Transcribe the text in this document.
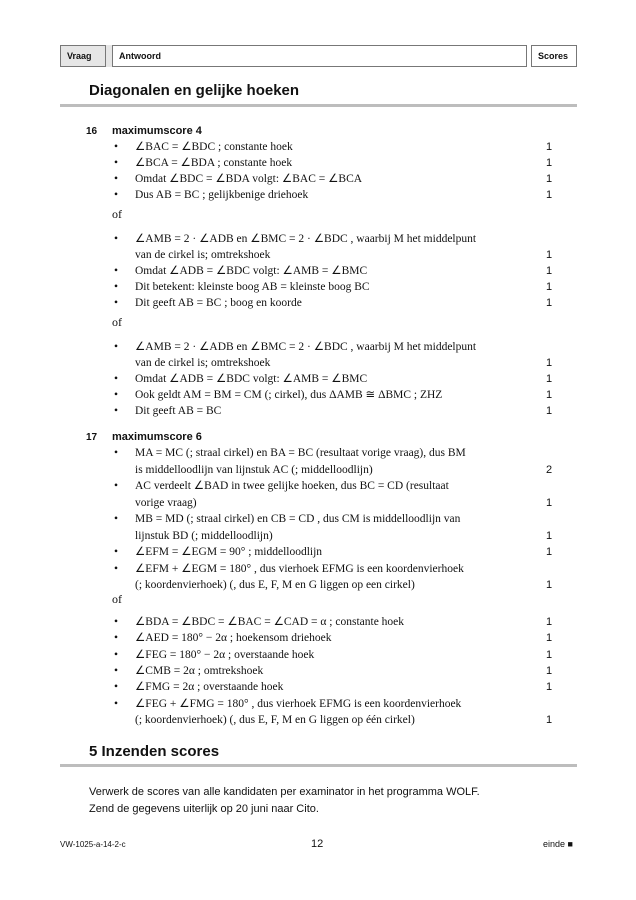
Vraag	Antwoord	Scores
Diagonalen en gelijke hoeken
16 maximumscore 4
• ∠BAC = ∠BDC ; constante hoek	1
• ∠BCA = ∠BDA ; constante hoek	1
• Omdat ∠BDC = ∠BDA volgt: ∠BAC = ∠BCA	1
• Dus AB = BC ; gelijkbenige driehoek	1
of
• ∠AMB = 2 · ∠ADB en ∠BMC = 2 · ∠BDC , waarbij M het middelpunt
van de cirkel is; omtrekshoek	1
• Omdat ∠ADB = ∠BDC volgt: ∠AMB = ∠BMC	1
• Dit betekent: kleinste boog AB = kleinste boog BC	1
• Dit geeft AB = BC ; boog en koorde	1
of
• ∠AMB = 2 · ∠ADB en ∠BMC = 2 · ∠BDC , waarbij M het middelpunt
van de cirkel is; omtrekshoek	1
• Omdat ∠ADB = ∠BDC volgt: ∠AMB = ∠BMC	1
• Ook geldt AM = BM = CM (; cirkel), dus ΔAMB ≅ ΔBMC ; ZHZ	1
• Dit geeft AB = BC	1
17 maximumscore 6
• MA = MC (; straal cirkel) en BA = BC (resultaat vorige vraag), dus BM
is middelloodlijn van lijnstuk AC (; middelloodlijn)	2
• AC verdeelt ∠BAD in twee gelijke hoeken, dus BC = CD (resultaat
vorige vraag)	1
• MB = MD (; straal cirkel) en CB = CD , dus CM is middelloodlijn van
lijnstuk BD (; middelloodlijn)	1
• ∠EFM = ∠EGM = 90° ; middelloodlijn	1
• ∠EFM + ∠EGM = 180° , dus vierhoek EFMG is een koordenvierhoek
(; koordenvierhoek) (, dus E, F, M en G liggen op een cirkel)	1
of
• ∠BDA = ∠BDC = ∠BAC = ∠CAD = α ; constante hoek	1
• ∠AED = 180° − 2α ; hoekensom driehoek	1
• ∠FEG = 180° − 2α ; overstaande hoek	1
• ∠CMB = 2α ; omtrekshoek	1
• ∠FMG = 2α ; overstaande hoek	1
• ∠FEG + ∠FMG = 180° , dus vierhoek EFMG is een koordenvierhoek
(; koordenvierhoek) (, dus E, F, M en G liggen op één cirkel)	1
5 Inzenden scores
Verwerk de scores van alle kandidaten per examinator in het programma WOLF.
Zend de gegevens uiterlijk op 20 juni naar Cito.
VW-1025-a-14-2-c	12	einde ■
